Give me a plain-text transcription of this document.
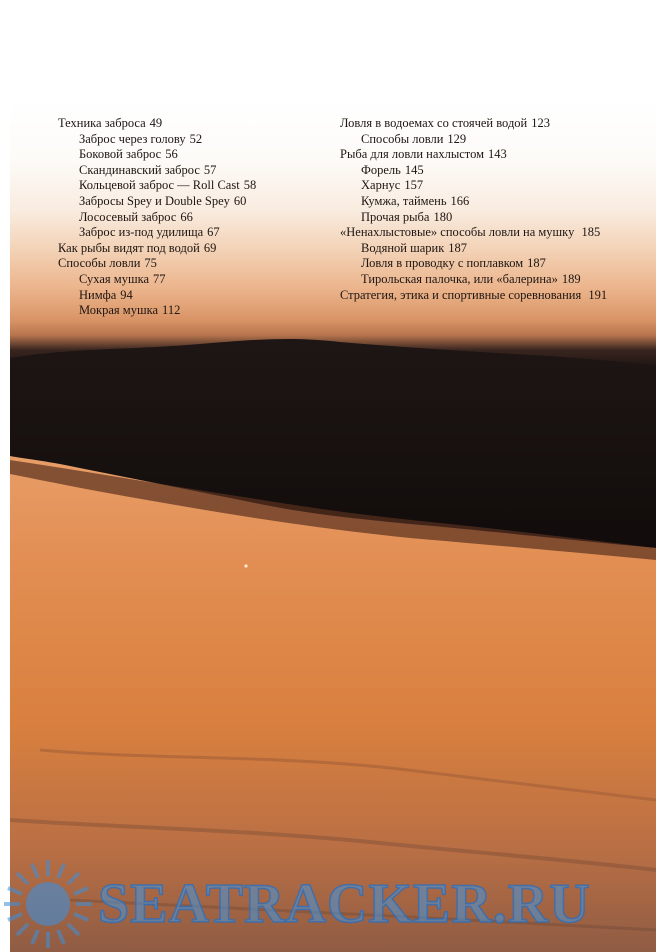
Техника заброса 49
Заброс через голову 52
Боковой заброс 56
Скандинавский заброс 57
Кольцевой заброс — Roll Cast 58
Забросы Spey и Double Spey 60
Лососевый заброс 66
Заброс из-под удилища 67
Как рыбы видят под водой 69
Способы ловли 75
Сухая мушка 77
Нимфа 94
Мокрая мушка 112
Ловля в водоемах со стоячей водой 123
Способы ловли 129
Рыба для ловли нахлыстом 143
Форель 145
Харнус 157
Кумжа, таймень 166
Прочая рыба 180
«Ненахлыстовые» способы ловли на мушку 185
Водяной шарик 187
Ловля в проводку с поплавком 187
Тирольская палочка, или «балерина» 189
Стратегия, этика и спортивные соревнования 191
SEATRACKER.RU
